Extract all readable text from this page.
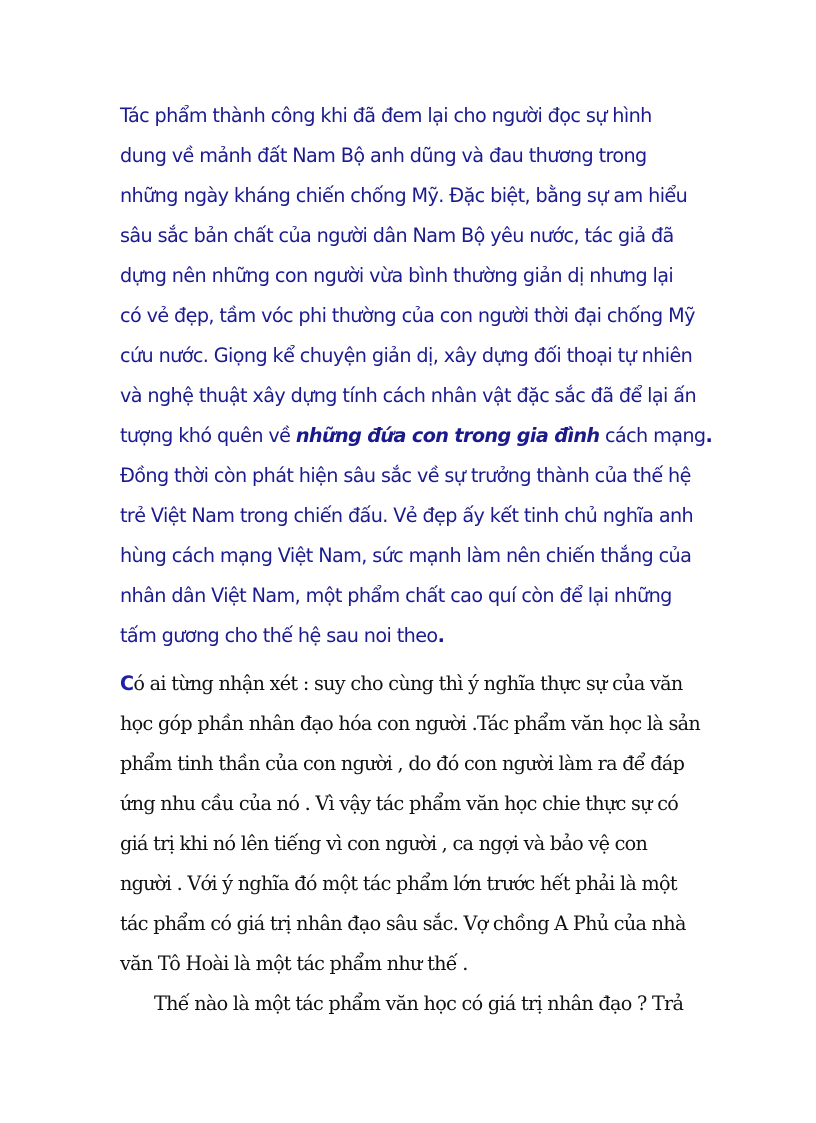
Tác phẩm thành công khi đã đem lại cho người đọc sự hình
dung về mảnh đất Nam Bộ anh dũng và đau thương trong
những ngày kháng chiến chống Mỹ. Đặc biệt, bằng sự am hiểu
sâu sắc bản chất của người dân Nam Bộ yêu nước, tác giả đã
dựng nên những con người vừa bình thường giản dị nhưng lại
có vẻ đẹp, tầm vóc phi thường của con người thời đại chống Mỹ
cứu nước. Giọng kể chuyện giản dị, xây dựng đối thoại tự nhiên
và nghệ thuật xây dựng tính cách nhân vật đặc sắc đã để lại ấn
tượng khó quên về những đứa con trong gia đình cách mạng.
Đồng thời còn phát hiện sâu sắc về sự trưởng thành của thế hệ
trẻ Việt Nam trong chiến đấu. Vẻ đẹp ấy kết tinh chủ nghĩa anh
hùng cách mạng Việt Nam, sức mạnh làm nên chiến thắng của
nhân dân Việt Nam, một phẩm chất cao quí còn để lại những
tấm gương cho thế hệ sau noi theo.
Có ai từng nhận xét : suy cho cùng thì ý nghĩa thực sự của văn
học góp phần nhân đạo hóa con người .Tác phẩm văn học là sản
phẩm tinh thần của con người , do đó con người làm ra để đáp
ứng nhu cầu của nó . Vì vậy tác phẩm văn học chie thực sự có
giá trị khi nó lên tiếng vì con người , ca ngợi và bảo vệ con
người . Với ý nghĩa đó một tác phẩm lớn trước hết phải là một
tác phẩm có giá trị nhân đạo sâu sắc. Vợ chồng A Phủ của nhà
văn Tô Hoài là một tác phẩm như thế .
Thế nào là một tác phẩm văn học có giá trị nhân đạo ? Trả
